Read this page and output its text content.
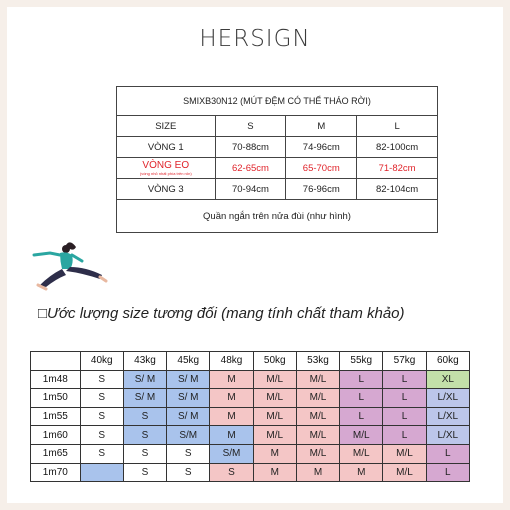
HERSIGN
SMIXB30N12 (MÚT ĐỆM CÓ THỂ THÁO RỜI)			
SIZE	S	M	L
VÒNG 1	70-88cm	74-96cm	82-100cm

VÒNG EO
(vòng nhỏ nhất phía trên rốn)	62-65cm	65-70cm	71-82cm
VÒNG 3	70-94cm	76-96cm	82-104cm
Quần ngắn trên nửa đùi (như hình)			
□Ước lượng size tương đối (mang tính chất tham khảo)
	40kg	43kg	45kg	48kg	50kg	53kg	55kg	57kg	60kg
1m48	S	S/ M	S/ M	M	M/L	M/L	L	L	XL
1m50	S	S/ M	S/ M	M	M/L	M/L	L	L	L/XL
1m55	S	S	S/ M	M	M/L	M/L	L	L	L/XL
1m60	S	S	S/M	M	M/L	M/L	M/L	L	L/XL
1m65	S	S	S	S/M	M	M/L	M/L	M/L	L
1m70		S	S	S	M	M	M	M/L	L
